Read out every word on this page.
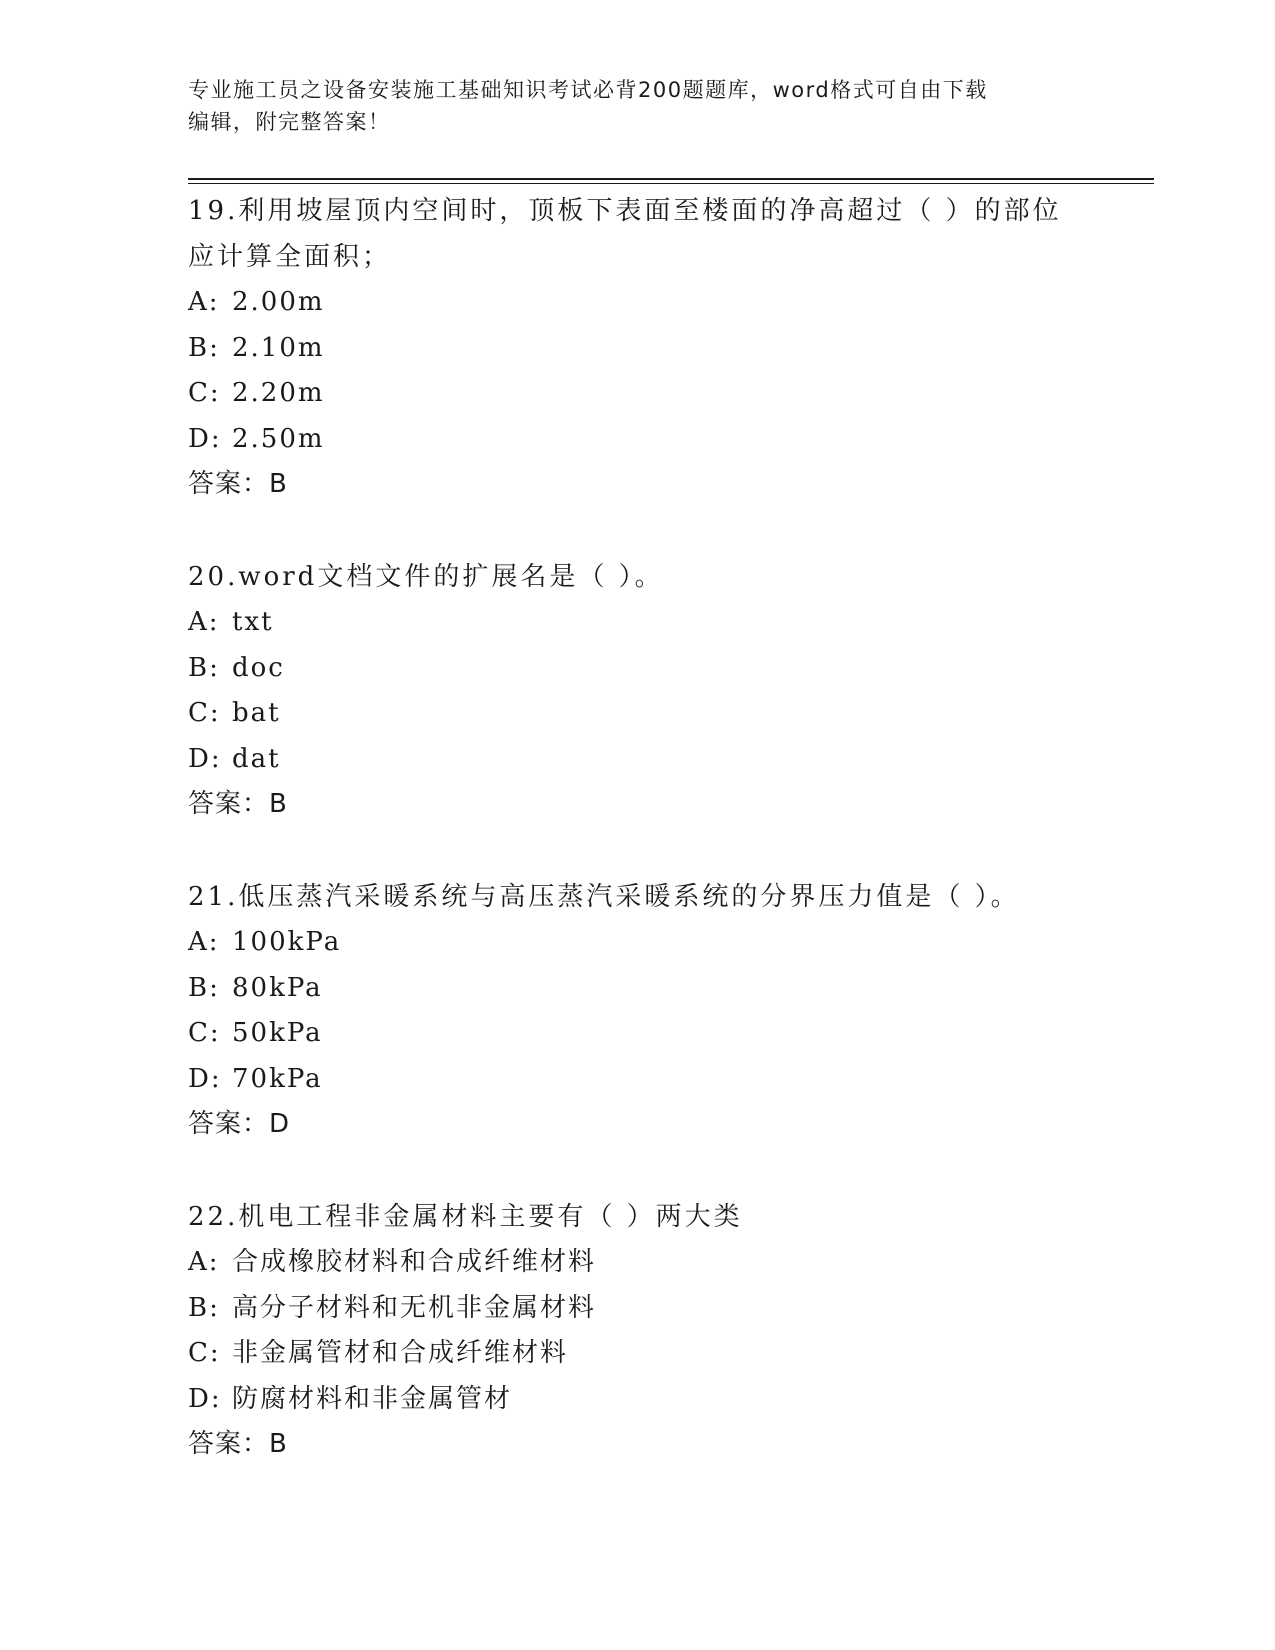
专业施工员之设备安装施工基础知识考试必背200题题库，word格式可自由下载
编辑，附完整答案！

19.利用坡屋顶内空间时，顶板下表面至楼面的净高超过（ ）的部位
应计算全面积；

A: 2.00m

B: 2.10m

C: 2.20m

D: 2.50m

答案：B

20.word文档文件的扩展名是（ ）。

A: txt

B: doc

C: bat

D: dat

答案：B

21.低压蒸汽采暖系统与高压蒸汽采暖系统的分界压力值是（ ）。

A: 100kPa

B: 80kPa

C: 50kPa

D: 70kPa

答案：D

22.机电工程非金属材料主要有（ ）两大类

A: 合成橡胶材料和合成纤维材料

B: 高分子材料和无机非金属材料

C: 非金属管材和合成纤维材料

D: 防腐材料和非金属管材

答案：B
